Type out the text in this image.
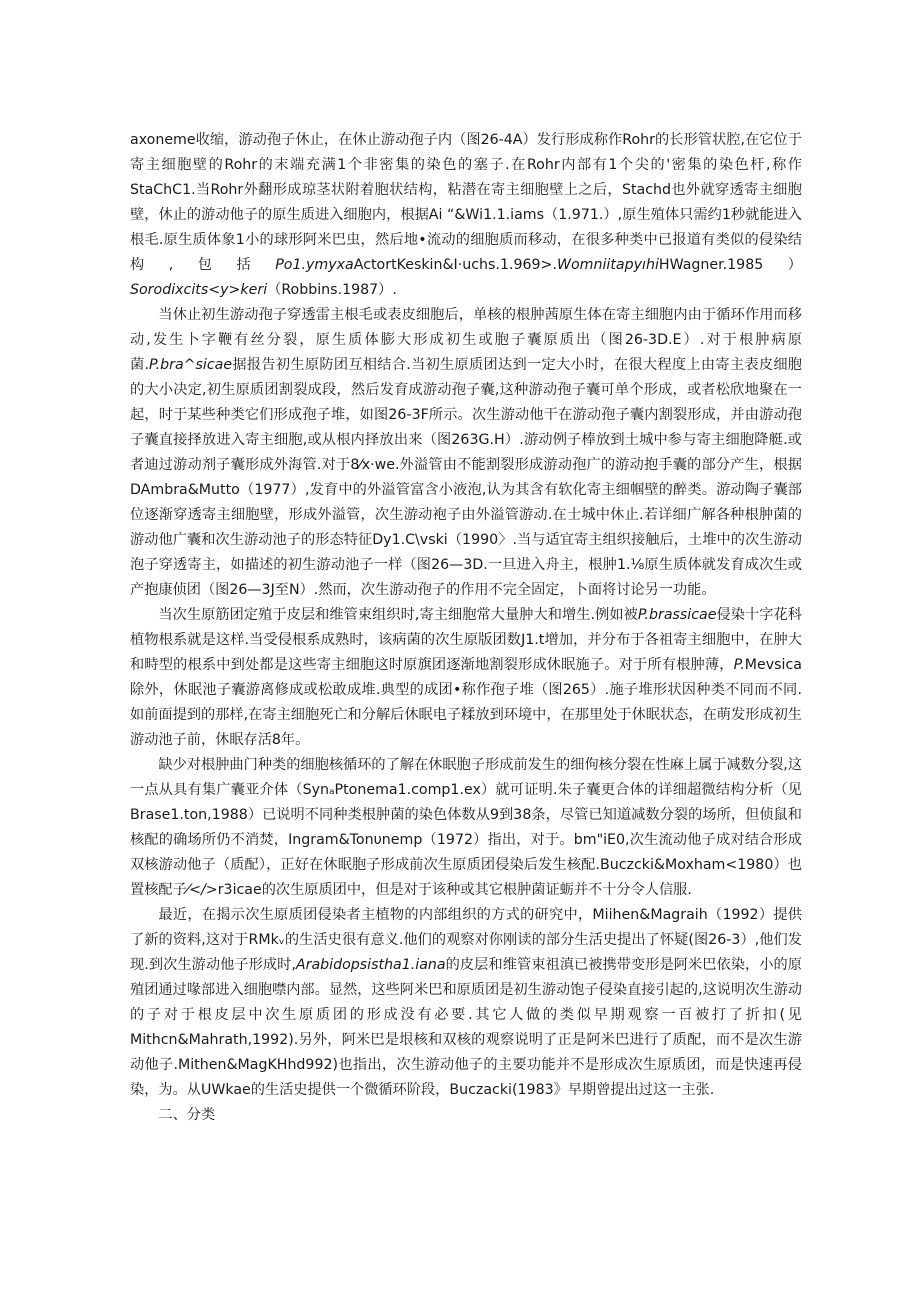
axoneme收缩，游动孢子休止，在休止游动孢子内（图26-4A）发行形成称作Rohr的长形管状腔,在它位于寄主细胞壁的Rohr的末端充满1个非密集的染色的塞子.在Rohr内部有1个尖的'密集的染色杆,称作StaChC1.当Rohr外翻形成琼茎状附着胞状结构，粘潜在寄主细胞壁上之后，Stachd也外就穿透寄主细胞壁，休止的游动他子的原生质进入细胞内，根据Ai “&Wi1.1.iams（1.971.）,原生殖体只需约1秒就能进入根毛.原生质体象1小的球形阿米巴虫，然后地•流动的细胞质而移动，在很多种类中已报道有类似的侵染结构,包括Po1.ymyxaActortKeskin&I·uchs.1.969>.WomniitapyıhiHWagner.1985）Sorodixcits<y>keri（Robbins.1987）.

当休止初生游动孢子穿透雷主根毛或表皮细胞后，单核的根肿茜原生体在寄主细胞内由于循环作用而移动,发生卜字鞭有丝分裂，原生质体膨大形成初生或胞子囊原质出（图26-3D.E）.对于根肿病原菌.P.bra^sicae据报告初生原防团互相结合.当初生原质团达到一定大小时，在很大程度上由寄主表皮细胞的大小决定,初生原质团割裂成段，然后发育成游动孢子囊,这种游动孢子囊可单个形成，或者松欣地聚在一起，时于某些种类它们形成孢子堆，如图26-3F所示。次生游动他干在游动孢子囊内割裂形成，并由游动孢子囊直接择放进入寄主细胞,或从根内择放出来（图263G.H）.游动例子棒放到土城中参与寄主细胞降艇.或者迪过游动剂子囊形成外海管.对于8⁄x·we.外溢管由不能割裂形成游动孢广的游动抱手囊的部分产生，根据DAmbra&Mutto（1977）,发育中的外溢管富含小液泡,认为其含有软化寄主细帼壁的醉类。游动陶子囊部位逐渐穿透寄主细胞壁，形成外溢管，次生游动袍子由外溢管游动.在士城中休止.若详细广解各种根肿菌的游动他广囊和次生游动池子的形态特征Dy1.C\vski（1990〉.当与适宜寄主组织接触后，土堆中的次生游动泡子穿透寄主，如描述的初生游动池子一样（图26—3D.一旦进入舟主，根肿1.⅛原生质体就发育成次生或产抱康侦团（图26—3J至N）.然而，次生游动孢子的作用不完全固定，卜面将讨论另一功能。

当次生原筋团定殖于皮层和维管束组织时,寄主细胞常大量肿大和增生.例如被P.brassicae侵染十字花科植物根系就是这样.当受侵根系成熟时，该病菌的次生原版团数J1.t增加，并分布于各祖寄主细胞中，在肿大和畤型的根系中到处都是这些寄主细胞这时原旗团逐渐地割裂形成休眠施子。对于所有根肿薄，P.Mevsica除外，休眠池子囊游离修成或松敢成堆.典型的成团•称作孢子堆（图265）.施子堆形状因种类不同而不同.如前面提到的那样,在寄主细胞死亡和分解后休眠电子糅放到环境中，在那里处于休眠状态，在萌发形成初生游动池子前，休眠存活8年。

缺少对根肿曲门种类的细胞核循环的了解在休眠胞子形成前发生的细佝核分裂在性麻上属于减数分裂,这一点从具有集广囊亚介体（SynₐPtonema1.comp1.ex）就可证明.朱子囊更合体的详细超微结构分析（见Brase1.ton,1988）已说明不同种类根肿菌的染色体数从9到38条，尽管已知道减数分裂的场所，但侦鼠和核配的确场所仍不消焚，Ingram&Tonυnemp（1972）指出，对于。bm"iE0,次生流动他子成对结合形成双核游动他子（质配），正好在休眠胞子形成前次生原质团侵染后发生核配.Buczcki&Moxham<1980）也置核配子⁄</>r3icae的次生原质团中，但是对于该种或其它根肿菌证蛎并不十分令人信服.

最近，在揭示次生原质团侵染者主植物的内部组织的方式的研究中，Miihen&Magraih（1992）提供了新的资料,这对于RMkᵥ的生活史很有意义.他们的观察对你刚读的部分生活史提出了怀疑(图26-3）,他们发现.到次生游动他子形成时,Arabidopsistha1.iana的皮层和维管束祖滇已被携带变形是阿米巴依染，小的原殖团通过喙部进入细胞噤内部。显然，这些阿米巴和原质团是初生游动饱子侵染直接引起的,这说明次生游动的子对于根皮层中次生原质团的形成没有必要.其它人做的类似早期观察一百被打了折扣(见Mithcn&Mahrath,1992).另外，阿米巴是垠核和双核的观察说明了正是阿米巴进行了质配，而不是次生游动他子.Mithen&MagKHhd992)也指出，次生游动他子的主要功能并不是形成次生原质团，而是快速再侵染，为。从UWkae的生活史提供一个微循环阶段，Buczacki(1983》早期曾提出过这一主张.

二、分类
